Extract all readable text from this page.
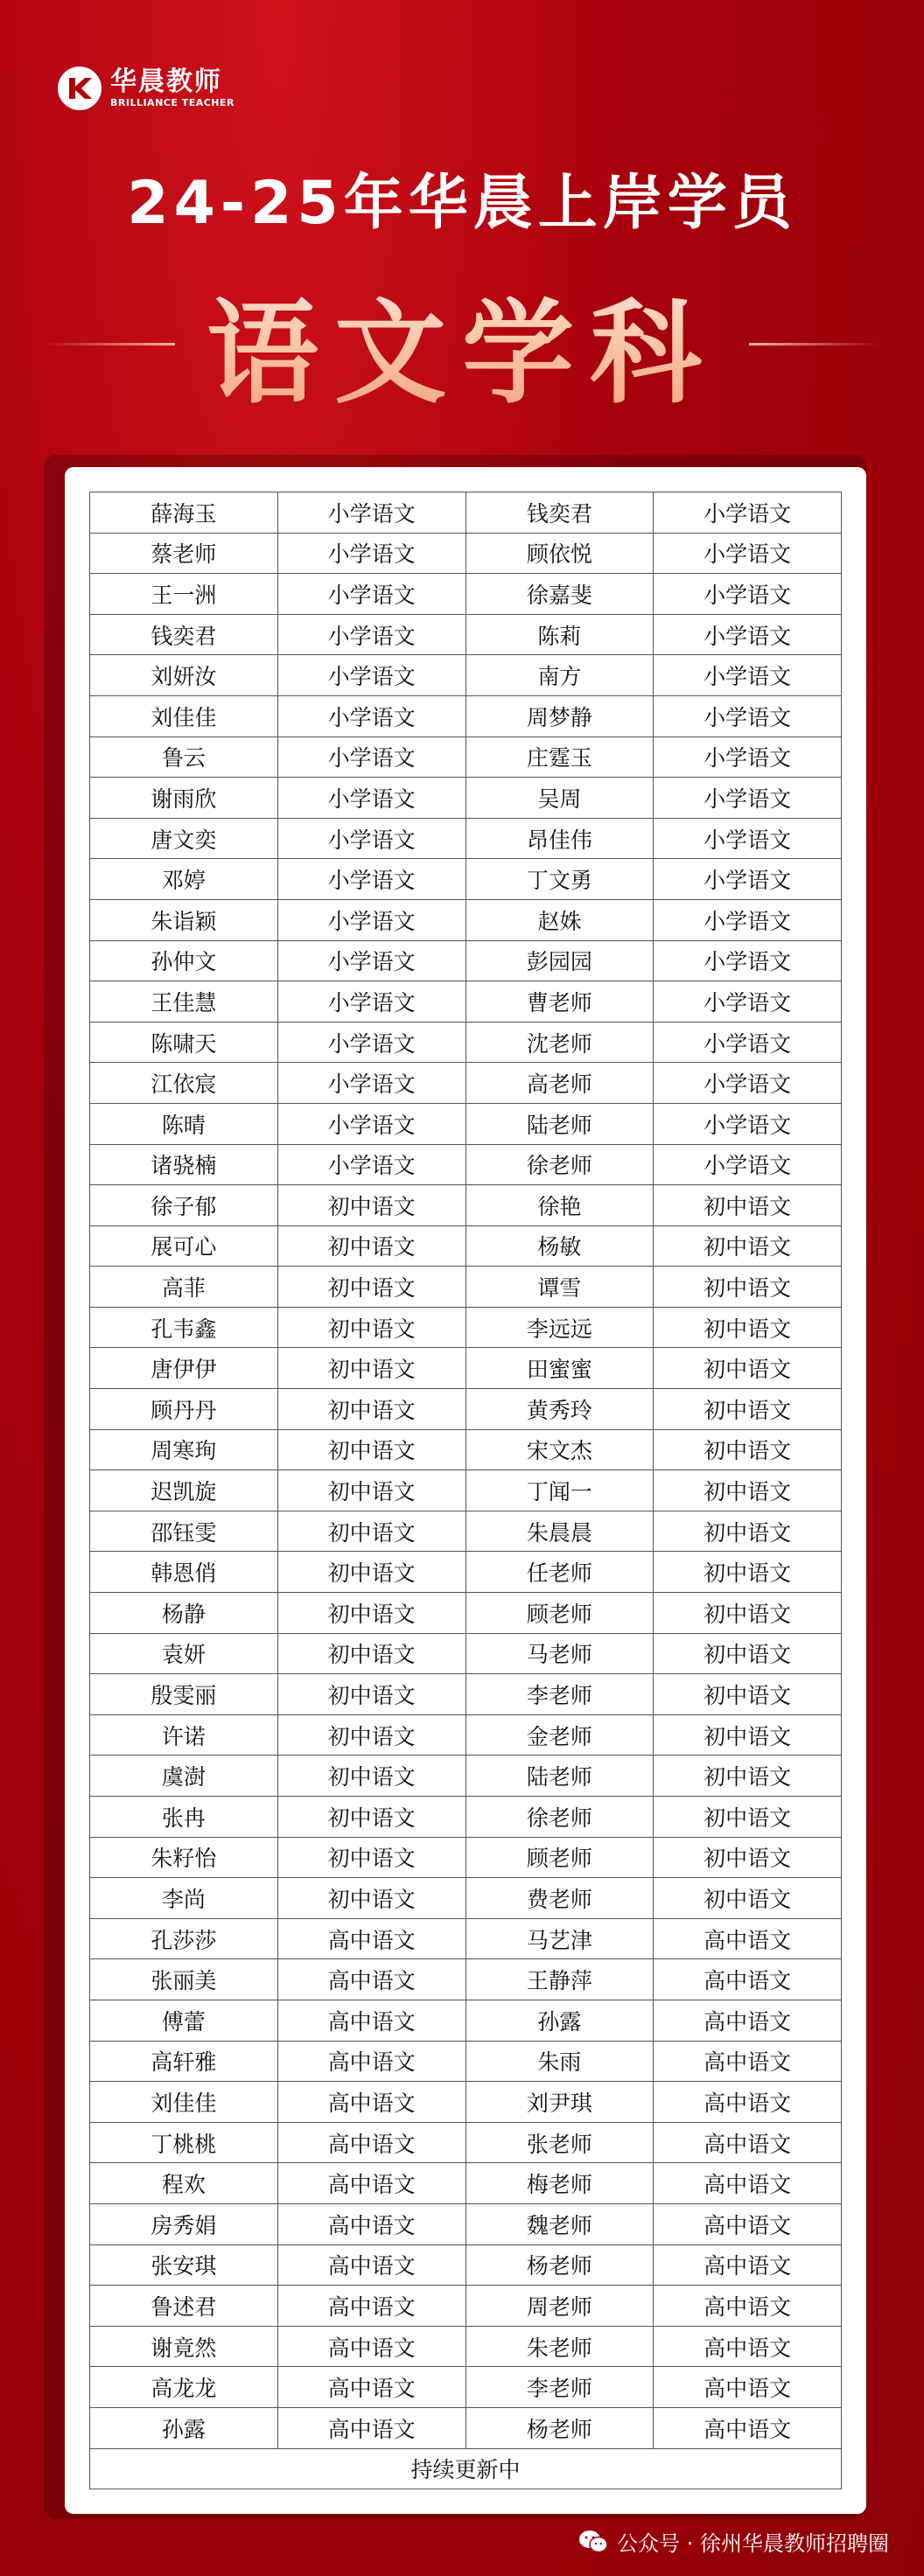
华晨教师
BRILLIANCE TEACHER
24-25年华晨上岸学员
语文学科
薛海玉	小学语文	钱奕君	小学语文
蔡老师	小学语文	顾依悦	小学语文
王一洲	小学语文	徐嘉斐	小学语文
钱奕君	小学语文	陈莉	小学语文
刘妍汝	小学语文	南方	小学语文
刘佳佳	小学语文	周梦静	小学语文
鲁云	小学语文	庄霆玉	小学语文
谢雨欣	小学语文	吴周	小学语文
唐文奕	小学语文	昂佳伟	小学语文
邓婷	小学语文	丁文勇	小学语文
朱诣颖	小学语文	赵姝	小学语文
孙仲文	小学语文	彭园园	小学语文
王佳慧	小学语文	曹老师	小学语文
陈啸天	小学语文	沈老师	小学语文
江依宸	小学语文	高老师	小学语文
陈晴	小学语文	陆老师	小学语文
诸骁楠	小学语文	徐老师	小学语文
徐子郁	初中语文	徐艳	初中语文
展可心	初中语文	杨敏	初中语文
高菲	初中语文	谭雪	初中语文
孔韦鑫	初中语文	李远远	初中语文
唐伊伊	初中语文	田蜜蜜	初中语文
顾丹丹	初中语文	黄秀玲	初中语文
周寒珣	初中语文	宋文杰	初中语文
迟凯旋	初中语文	丁闻一	初中语文
邵钰雯	初中语文	朱晨晨	初中语文
韩恩俏	初中语文	任老师	初中语文
杨静	初中语文	顾老师	初中语文
袁妍	初中语文	马老师	初中语文
殷雯丽	初中语文	李老师	初中语文
许诺	初中语文	金老师	初中语文
虞澍	初中语文	陆老师	初中语文
张冉	初中语文	徐老师	初中语文
朱籽怡	初中语文	顾老师	初中语文
李尚	初中语文	费老师	初中语文
孔莎莎	高中语文	马艺津	高中语文
张丽美	高中语文	王静萍	高中语文
傅蕾	高中语文	孙露	高中语文
高轩雅	高中语文	朱雨	高中语文
刘佳佳	高中语文	刘尹琪	高中语文
丁桃桃	高中语文	张老师	高中语文
程欢	高中语文	梅老师	高中语文
房秀娟	高中语文	魏老师	高中语文
张安琪	高中语文	杨老师	高中语文
鲁述君	高中语文	周老师	高中语文
谢竟然	高中语文	朱老师	高中语文
高龙龙	高中语文	李老师	高中语文
孙露	高中语文	杨老师	高中语文
持续更新中			
公众号 · 徐州华晨教师招聘圈
